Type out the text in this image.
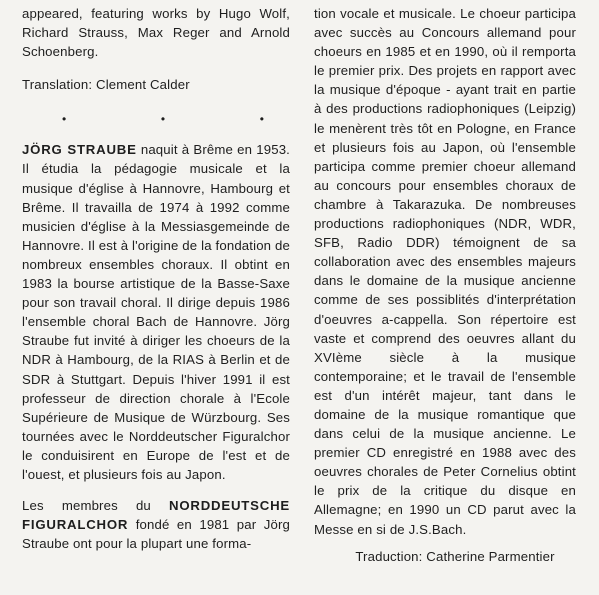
appeared, featuring works by Hugo Wolf, Richard Strauss, Max Reger and Arnold Schoenberg.

Translation: Clement Calder

•	•	•

JÖRG STRAUBE naquit à Brême en 1953. Il étudia la pédagogie musicale et la musique d'église à Hannovre, Hambourg et Brême. Il travailla de 1974 à 1992 comme musicien d'église à la Messiasgemeinde de Hannovre. Il est à l'origine de la fondation de nombreux ensembles choraux. Il obtint en 1983 la bourse artistique de la Basse-Saxe pour son travail choral. Il dirige depuis 1986 l'ensemble choral Bach de Hannovre. Jörg Straube fut invité à diriger les choeurs de la NDR à Hambourg, de la RIAS à Berlin et de SDR à Stuttgart. Depuis l'hiver 1991 il est professeur de direction chorale à l'Ecole Supérieure de Musique de Würzbourg. Ses tournées avec le Norddeutscher Figuralchor le conduisirent en Europe de l'est et de l'ouest, et plusieurs fois au Japon.

Les membres du NORDDEUTSCHE FIGURALCHOR fondé en 1981 par Jörg Straube ont pour la plupart une forma-

tion vocale et musicale. Le choeur participa avec succès au Concours allemand pour choeurs en 1985 et en 1990, où il remporta le premier prix. Des projets en rapport avec la musique d'époque - ayant trait en partie à des productions radiophoniques (Leipzig) le menèrent très tôt en Pologne, en France et plusieurs fois au Japon, où l'ensemble participa comme premier choeur allemand au concours pour ensembles choraux de chambre à Takarazuka. De nombreuses productions radiophoniques (NDR, WDR, SFB, Radio DDR) témoignent de sa collaboration avec des ensembles majeurs dans le domaine de la musique ancienne comme de ses possiblités d'interprétation d'oeuvres a-cappella. Son répertoire est vaste et comprend des oeuvres allant du XVIème siècle à la musique contemporaine; et le travail de l'ensemble est d'un intérêt majeur, tant dans le domaine de la musique romantique que dans celui de la musique ancienne. Le premier CD enregistré en 1988 avec des oeuvres chorales de Peter Cornelius obtint le prix de la critique du disque en Allemagne; en 1990 un CD parut avec la Messe en si de J.S.Bach.

Traduction: Catherine Parmentier
